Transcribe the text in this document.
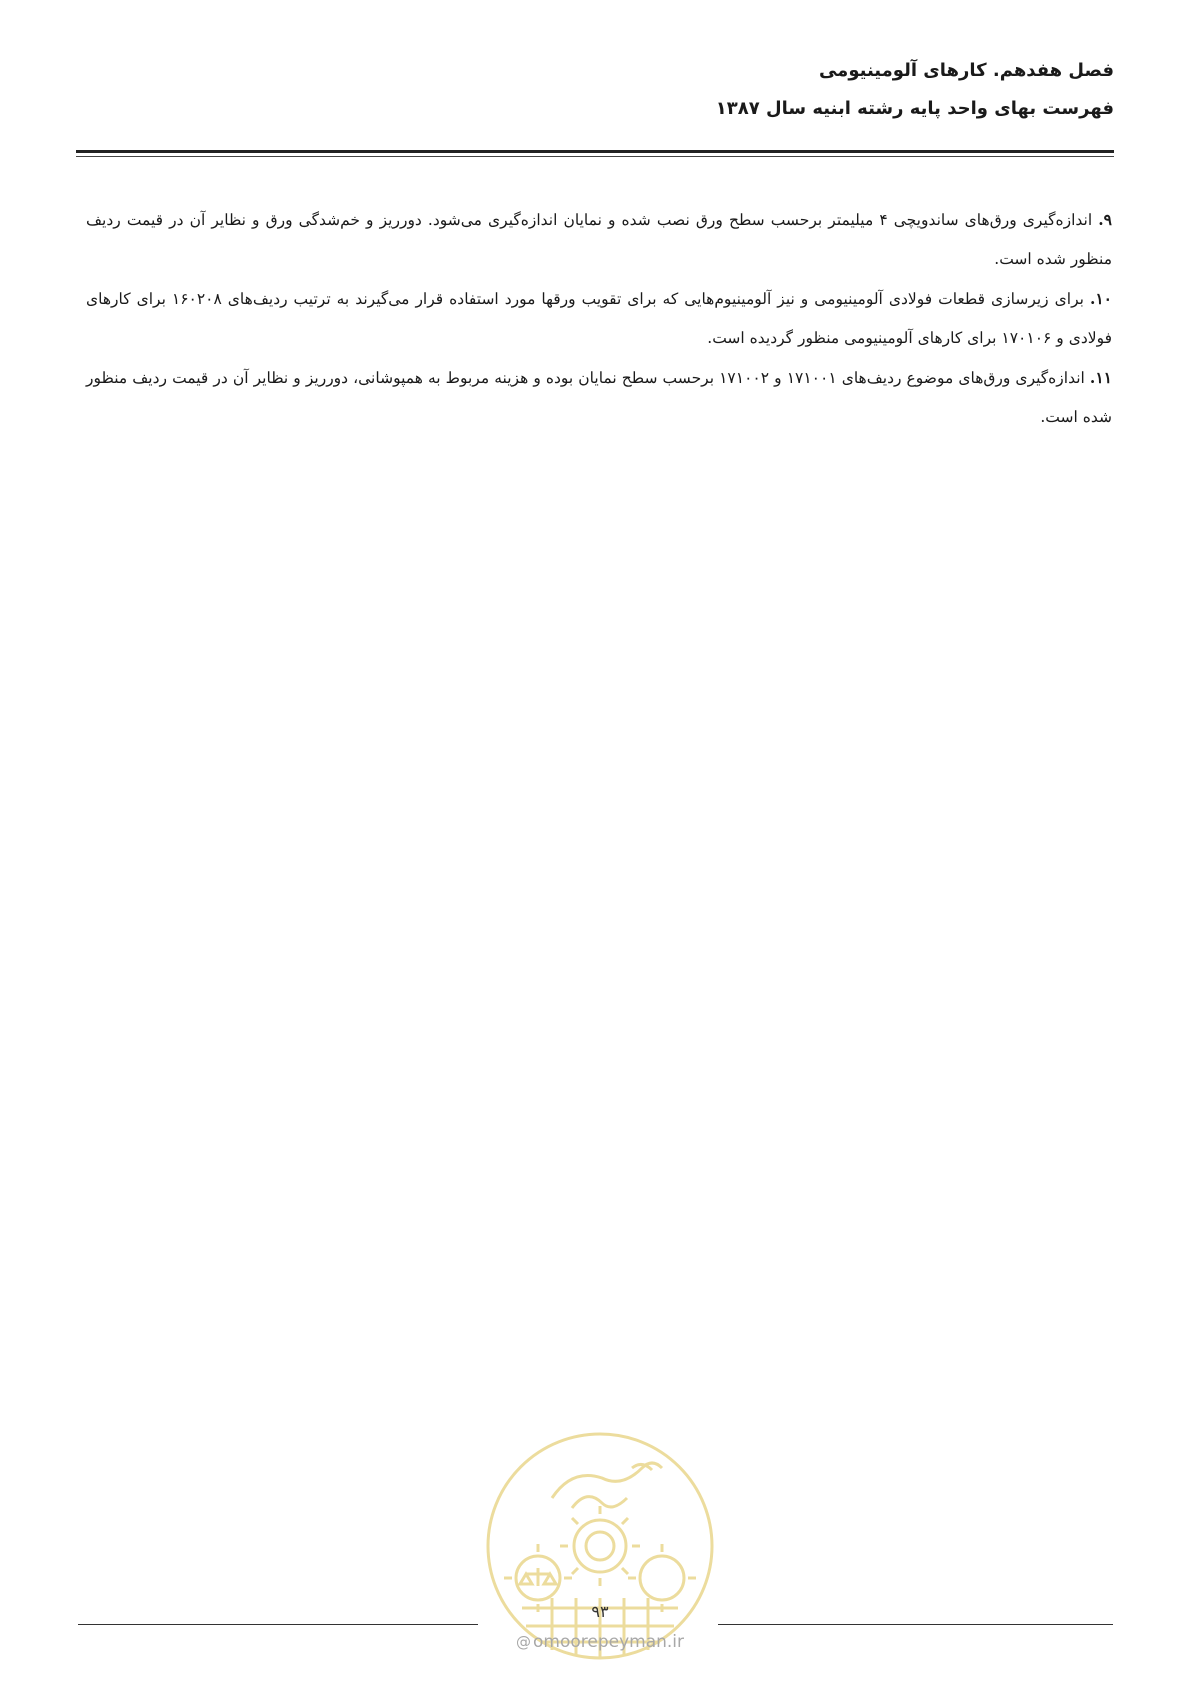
فصل هفدهم. کارهای آلومینیومی
فهرست بهای واحد پایه رشته ابنیه سال ۱۳۸۷

۹. اندازه‌گیری ورق‌های ساندویچی ۴ میلیمتر برحسب سطح ورق نصب شده و نمایان اندازه‌گیری می‌شود. دورریز و خم‌شدگی ورق و نظایر آن در قیمت ردیف منظور شده است.

۱۰. برای زیرسازی قطعات فولادی آلومینیومی و نیز آلومینیوم‌هایی که برای تقویب ورقها مورد استفاده قرار می‌گیرند به ترتیب ردیف‌های ۱۶۰۲۰۸ برای کارهای فولادی و ۱۷۰۱۰۶ برای کارهای آلومینیومی منظور گردیده است.

۱۱. اندازه‌گیری ورق‌های موضوع ردیف‌های ۱۷۱۰۰۱ و ۱۷۱۰۰۲ برحسب سطح نمایان بوده و هزینه مربوط به همپوشانی، دورریز و نظایر آن در قیمت ردیف منظور شده است.

۹۳
@ omoorepeyman.ir
